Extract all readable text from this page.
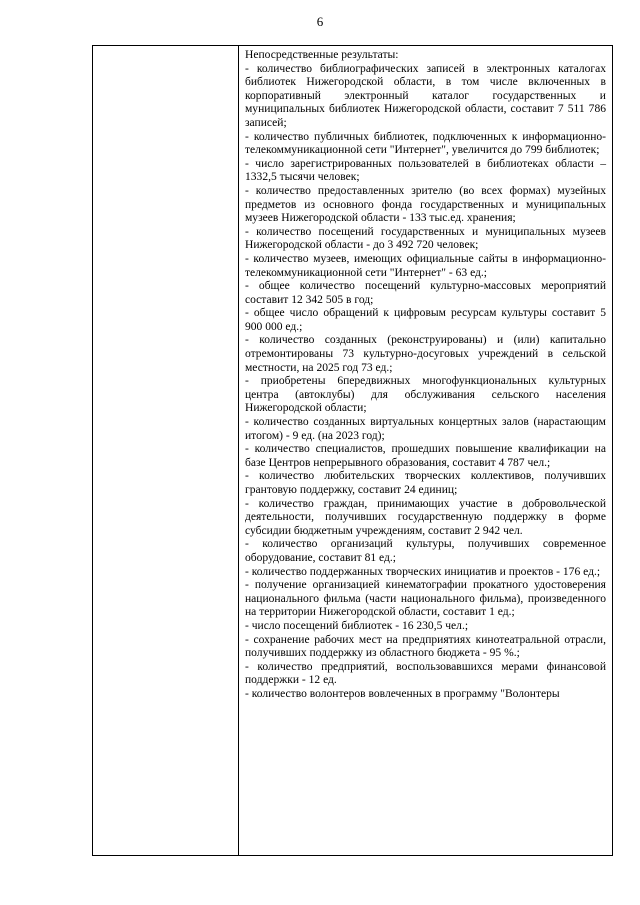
6

Непосредственные результаты:

- количество библиографических записей в электронных каталогах библиотек Нижегородской области, в том числе включенных в корпоративный электронный каталог государственных и муниципальных библиотек Нижегородской области, составит 7 511 786 записей;

- количество публичных библиотек, подключенных к информационно-телекоммуникационной сети "Интернет", увеличится до 799 библиотек;

- число зарегистрированных пользователей в библиотеках области – 1332,5 тысячи человек;

- количество предоставленных зрителю (во всех формах) музейных предметов из основного фонда государственных и муниципальных музеев Нижегородской области - 133 тыс.ед. хранения;

- количество посещений государственных и муниципальных музеев Нижегородской области - до 3 492 720 человек;

- количество музеев, имеющих официальные сайты в информационно-телекоммуникационной сети "Интернет" - 63 ед.;

- общее количество посещений культурно-массовых мероприятий составит 12 342 505 в год;

- общее число обращений к цифровым ресурсам культуры составит 5 900 000 ед.;

- количество созданных (реконструированы) и (или) капитально отремонтированы 73 культурно-досуговых учреждений в сельской местности, на 2025 год 73 ед.;

- приобретены 6передвижных многофункциональных культурных центра (автоклубы) для обслуживания сельского населения Нижегородской области;

- количество созданных виртуальных концертных залов (нарастающим итогом) - 9 ед. (на 2023 год);

- количество специалистов, прошедших повышение квалификации на базе Центров непрерывного образования, составит 4 787 чел.;

- количество любительских творческих коллективов, получивших грантовую поддержку, составит 24 единиц;

- количество граждан, принимающих участие в добровольческой деятельности, получивших государственную поддержку в форме субсидии бюджетным учреждениям, составит 2 942 чел.

- количество организаций культуры, получивших современное оборудование, составит 81 ед.;

- количество поддержанных творческих инициатив и проектов - 176 ед.;

- получение организацией кинематографии прокатного удостоверения национального фильма (части национального фильма), произведенного на территории Нижегородской области, составит 1 ед.;

- число посещений библиотек - 16 230,5 чел.;

- сохранение рабочих мест на предприятиях кинотеатральной отрасли, получивших поддержку из областного бюджета - 95 %.;

- количество предприятий, воспользовавшихся мерами финансовой поддержки - 12 ед.

- количество волонтеров вовлеченных в программу "Волонтеры
